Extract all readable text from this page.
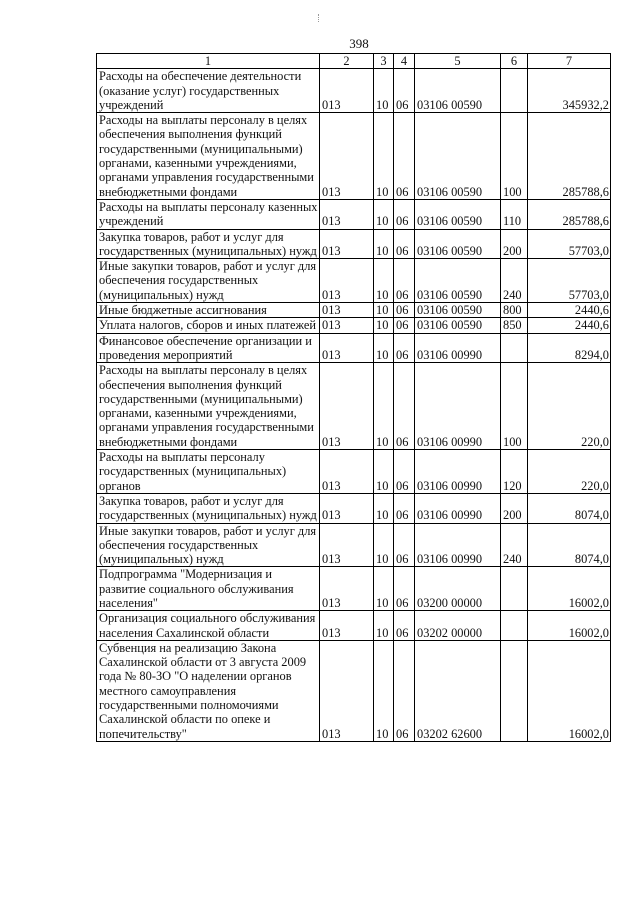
398
1	2	3	4	5	6	7
Расходы на обеспечение деятельности (оказание услуг) государственных учреждений	013	10	06	03106 00590		345932,2
Расходы на выплаты персоналу в целях обеспечения выполнения функций государственными (муниципальными) органами, казенными учреждениями, органами управления государственными внебюджетными фондами	013	10	06	03106 00590	100	285788,6
Расходы на выплаты персоналу казенных учреждений	013	10	06	03106 00590	110	285788,6
Закупка товаров, работ и услуг для государственных (муниципальных) нужд	013	10	06	03106 00590	200	57703,0
Иные закупки товаров, работ и услуг для обеспечения государственных (муниципальных) нужд	013	10	06	03106 00590	240	57703,0
Иные бюджетные ассигнования	013	10	06	03106 00590	800	2440,6
Уплата налогов, сборов и иных платежей	013	10	06	03106 00590	850	2440,6
Финансовое обеспечение организации и проведения мероприятий	013	10	06	03106 00990		8294,0
Расходы на выплаты персоналу в целях обеспечения выполнения функций государственными (муниципальными) органами, казенными учреждениями, органами управления государственными внебюджетными фондами	013	10	06	03106 00990	100	220,0
Расходы на выплаты персоналу государственных (муниципальных) органов	013	10	06	03106 00990	120	220,0
Закупка товаров, работ и услуг для государственных (муниципальных) нужд	013	10	06	03106 00990	200	8074,0
Иные закупки товаров, работ и услуг для обеспечения государственных (муниципальных) нужд	013	10	06	03106 00990	240	8074,0
Подпрограмма "Модернизация и развитие социального обслуживания населения"	013	10	06	03200 00000		16002,0
Организация социального обслуживания населения Сахалинской области	013	10	06	03202 00000		16002,0
Субвенция на реализацию Закона Сахалинской области от 3 августа 2009 года № 80-ЗО "О наделении органов местного самоуправления государственными полномочиями Сахалинской области по опеке и попечительству"	013	10	06	03202 62600		16002,0
